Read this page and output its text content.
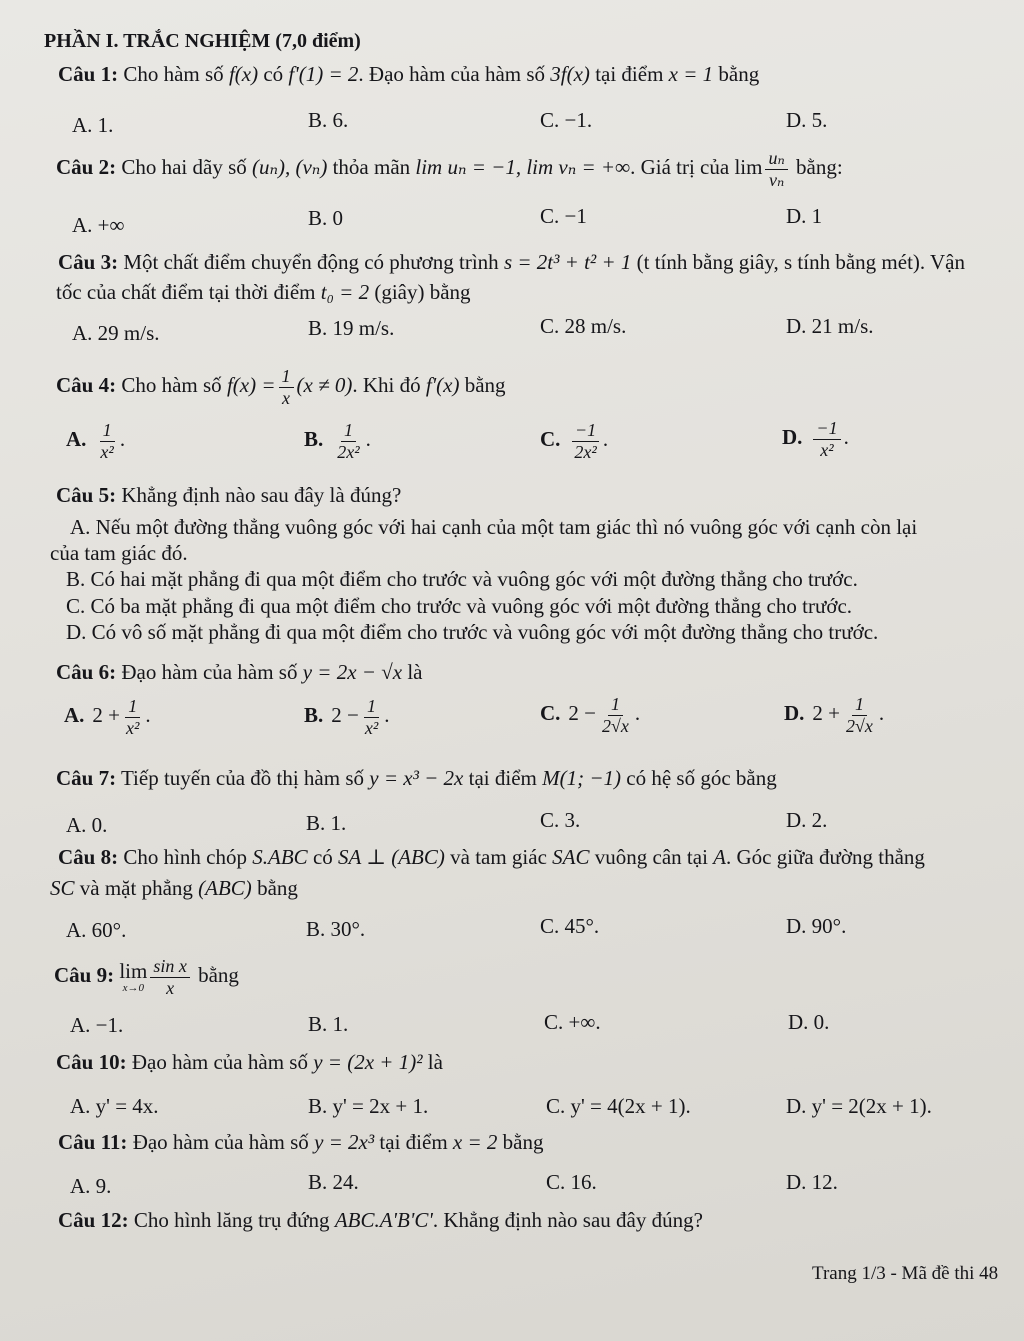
PHẦN I. TRẮC NGHIỆM (7,0 điểm)
Câu 1: Cho hàm số f(x) có f'(1) = 2. Đạo hàm của hàm số 3f(x) tại điểm x = 1 bằng
A. 1.	B. 6.	C. −1.	D. 5.
Câu 2: Cho hai dãy số (uₙ), (vₙ) thỏa mãn lim uₙ = −1, lim vₙ = +∞. Giá trị của $\lim \frac{\text{uₙ}}{\text{vₙ}}$ bằng:
A. +∞	B. 0	C. −1	D. 1
Câu 3: Một chất điểm chuyển động có phương trình s = 2t³ + t² + 1 (t tính bằng giây, s tính bằng mét). Vận
tốc của chất điểm tại thời điểm t₀ = 2 (giây) bằng
A. 29 m/s.	B. 19 m/s.	C. 28 m/s.	D. 21 m/s.
Câu 4: Cho hàm số $f(x) = \frac{1}{x} (x \ne 0)$. Khi đó f'(x) bằng
A. $\frac{1}{\text{x²}}$ .	B. $\frac{1}{\text{2x²}}$ .	C. $\frac{-1}{\text{2x²}}$ .	D. $\frac{-1}{\text{x²}}$ .
Câu 5: Khẳng định nào sau đây là đúng?
A. Nếu một đường thẳng vuông góc với hai cạnh của một tam giác thì nó vuông góc với cạnh còn lại
của tam giác đó.
B. Có hai mặt phẳng đi qua một điểm cho trước và vuông góc với một đường thẳng cho trước.
C. Có ba mặt phẳng đi qua một điểm cho trước và vuông góc với một đường thẳng cho trước.
D. Có vô số mặt phẳng đi qua một điểm cho trước và vuông góc với một đường thẳng cho trước.
Câu 6: Đạo hàm của hàm số y = 2x − √x là
A. $2 + \frac{1}{\text{x²}}$ .	B. $2 - \frac{1}{\text{x²}}$ .	C. $2 - \frac{1}{2√x}$ .	D. $2 + \frac{1}{2√x}$ .
Câu 7: Tiếp tuyến của đồ thị hàm số y = x³ − 2x tại điểm M(1; −1) có hệ số góc bằng
A. 0.	B. 1.	C. 3.	D. 2.
Câu 8: Cho hình chóp S.ABC có SA ⊥ (ABC) và tam giác SAC vuông cân tại A. Góc giữa đường thẳng
SC và mặt phẳng (ABC) bằng
A. 60°.	B. 30°.	C. 45°.	D. 90°.
Câu 9: lim
$x\to 0 \frac{\text{sin x}}{x}$ bằng
A. −1.	B. 1.	C. +∞.	D. 0.
Câu 10: Đạo hàm của hàm số y = (2x + 1)² là
A. y' = 4x.	B. y' = 2x + 1.	C. y' = 4(2x + 1).	D. y' = 2(2x + 1).
Câu 11: Đạo hàm của hàm số y = 2x³ tại điểm x = 2 bằng
A. 9.	B. 24.	C. 16.	D. 12.
Câu 12: Cho hình lăng trụ đứng ABC.A'B'C'. Khẳng định nào sau đây đúng?
Trang 1/3 - Mã đề thi 48
